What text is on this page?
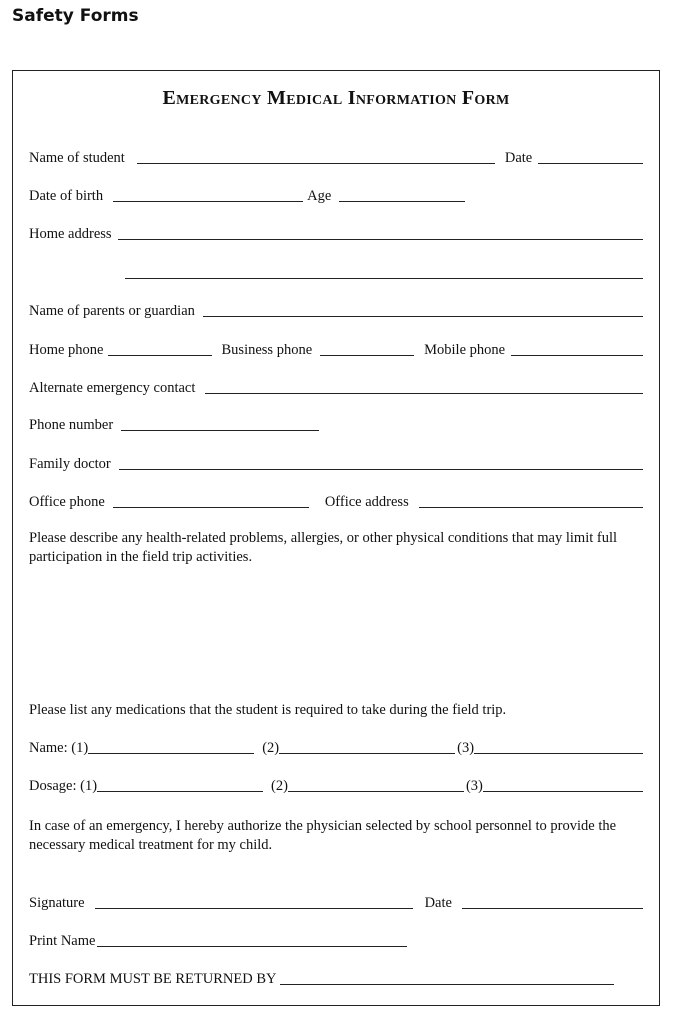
Safety Forms
Emergency Medical Information Form
Name of student	Date
Date of birth	Age
Home address
Name of parents or guardian
Home phone	Business phone	Mobile phone
Alternate emergency contact
Phone number
Family doctor
Office phone	Office address
Please describe any health-related problems, allergies, or other physical conditions that may limit full participation in the field trip activities.
Please list any medications that the student is required to take during the field trip.
Name: (1)	(2)	(3)
Dosage: (1)	(2)	(3)
In case of an emergency, I hereby authorize the physician selected by school personnel to provide the necessary medical treatment for my child.
Signature	Date
Print Name
THIS FORM MUST BE RETURNED BY
